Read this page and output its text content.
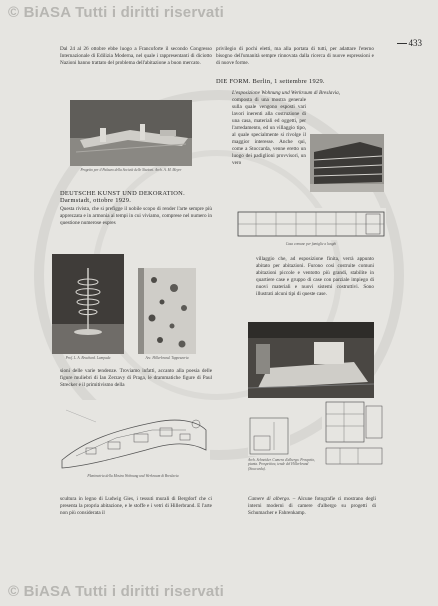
© BiASA Tutti i diritti riservati
© BiASA Tutti i diritti riservati
433
Dal 24 al 26 ottobre ebbe luogo a Francoforte il secondo Congresso Internazionale di Edilizia Moderna, nel quale i rappresentanti di diciotto Nazioni hanno trattato del problema dell'abitazione a buon mercato.
Progetto per il Palazzo della Società delle Nazioni. Arch. A. M. Meyer
DEUTSCHE KUNST UND DEKORATION. Darmstadt, ottobre 1929.
Questa rivista, che si prefigge il nobile scopo di render l'arte sempre più apprezzata e in armonia ai tempi in cui viviamo, comprese nel numero in questione numerose espres
Prof. L. A. Brachard. Lampada	Arc. Hillerbrand. Tappezzeria
sioni delle varie tendenze. Troviamo infatti, accanto alla poesia delle figure muliebri di Ian Zerzavy di Praga, le drammatiche figure di Paul Strecker e il primitivismo della
Planimetria della Mostra Wohnung und Werkraum di Breslavia
scultura in legno di Ludwig Gies, i tessuti murali di Bergdorf che ci presenta la propria abitazione, e le stoffe e i vetri di Hillerbrand. E l'arte non più considerata il
privilegio di pochi eletti, ma alla portata di tutti, per adattare l'eterno bisogno dell'umanità sempre rinnovata dalla ricerca di nuove espressioni e di nuove forme.
DIE FORM. Berlin, 1 settembre 1929.
L'esposizione Wohnung und Werkraum di Breslavia,
composta di una mostra generale sulla quale vengono esposti vari lavori inerenti alla costruzione di una casa, materiali ed oggetti, per l'arredamento, ed un villaggio tipo, al quale specialmente si rivolge il maggior interesse. Anche qui, come a Stoccarda, venne eretto un luogo dei padiglioni provvisori, un vero
Casa comune per famiglie a lunghi
villaggio che, ad esposizione finita, verrà appunto abitato per abitazioni. Furono così costruite comuni abitazioni piccole e ventotto più grandi, stabilite in quartiere case e gruppo di case con parziale impiego di nuovi materiali e nuovi sistemi costruttivi. Sono illustrati alcuni tipi di queste case.
Arch. Schneider. Camera d'albergo. Prospetto, pianta. Prospettiva, tende del Hillerbrand (Stoccarda).
Camere di albergo. – Alcune fotografie ci mostrano degli interni moderni di camere d'albergo su progetti di Schumacher e Fahrenkamp.
